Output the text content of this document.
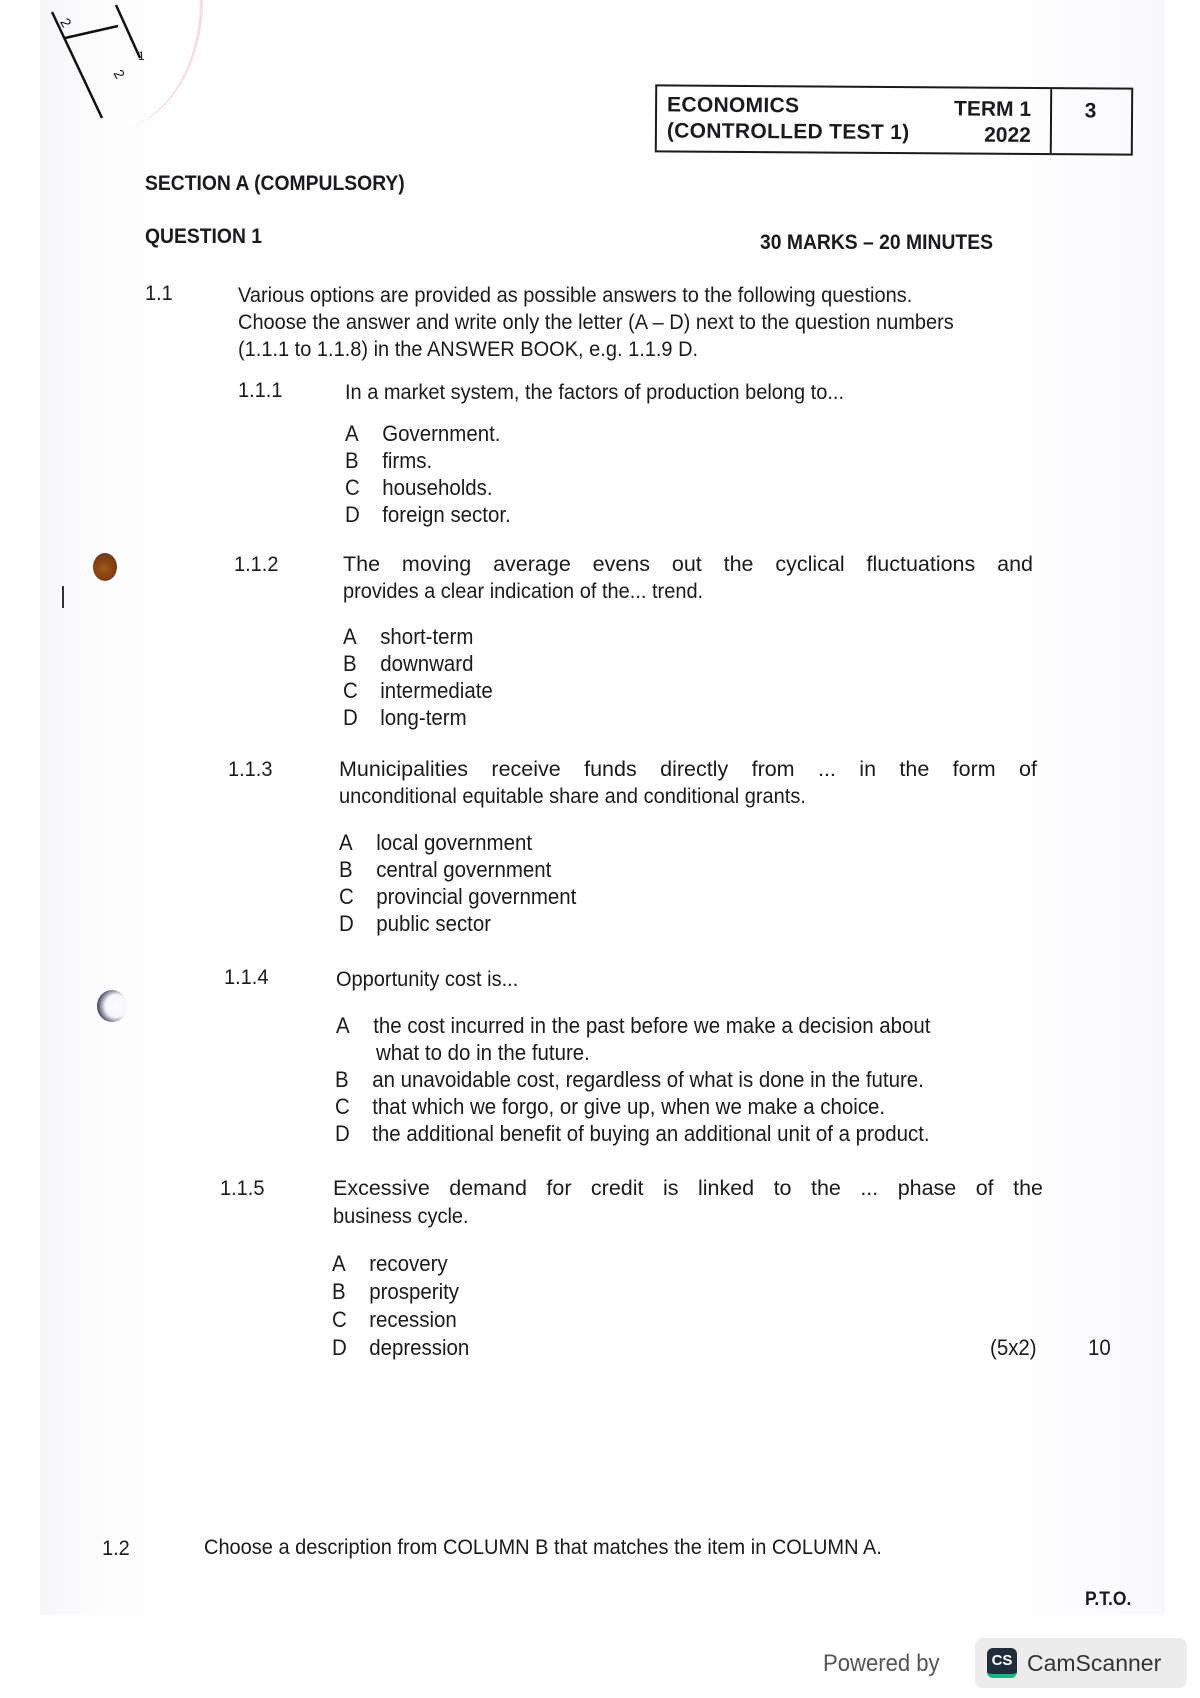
2
2
1
ECONOMICS
(CONTROLLED TEST 1)
TERM 1
2022
3
SECTION A (COMPULSORY)
QUESTION 1	30 MARKS – 20 MINUTES
1.1	Various options are provided as possible answers to the following questions.
Choose the answer and write only the letter (A – D) next to the question numbers
(1.1.1 to 1.1.8) in the ANSWER BOOK, e.g. 1.1.9 D.
1.1.1	In a market system, the factors of production belong to...
A Government.
B firms.
C households.
D foreign sector.
1.1.2	The moving average evens out the cyclical fluctuations and
provides a clear indication of the... trend.
A short-term
B downward
C intermediate
D long-term
1.1.3	Municipalities receive funds directly from ... in the form of
unconditional equitable share and conditional grants.
A local government
B central government
C provincial government
D public sector
1.1.4	Opportunity cost is...
A the cost incurred in the past before we make a decision about
what to do in the future.
B an unavoidable cost, regardless of what is done in the future.
C that which we forgo, or give up, when we make a choice.
D the additional benefit of buying an additional unit of a product.
1.1.5	Excessive demand for credit is linked to the ... phase of the
business cycle.
A recovery
B prosperity
C recession
D depression	(5x2) 10
1.2	Choose a description from COLUMN B that matches the item in COLUMN A.
P.T.O.
Powered by	CS CamScanner
